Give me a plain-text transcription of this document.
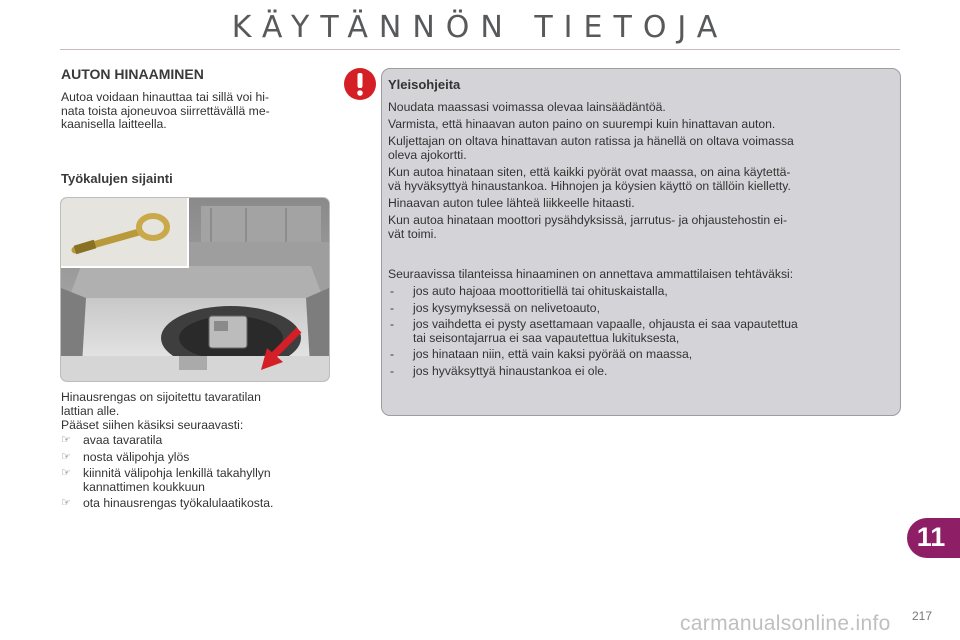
KÄYTÄNNÖN TIETOJA
AUTON HINAAMINEN
Autoa voidaan hinauttaa tai sillä voi hi-
nata toista ajoneuvoa siirrettävällä me-
kaanisella laitteella.
Työkalujen sijainti
Hinausrengas on sijoitettu tavaratilan
lattian alle.
Pääset siihen käsiksi seuraavasti:
☞ avaa tavaratila
☞ nosta välipohja ylös
☞ kiinnitä välipohja lenkillä takahyllyn
kannattimen koukkuun
☞ ota hinausrengas työkalulaatikosta.
Yleisohjeita
Noudata maassasi voimassa olevaa lainsäädäntöä.
Varmista, että hinaavan auton paino on suurempi kuin hinattavan auton.
Kuljettajan on oltava hinattavan auton ratissa ja hänellä on oltava voimassa
oleva ajokortti.
Kun autoa hinataan siten, että kaikki pyörät ovat maassa, on aina käytettä-
vä hyväksyttyä hinaustankoa. Hihnojen ja köysien käyttö on tällöin kielletty.
Hinaavan auton tulee lähteä liikkeelle hitaasti.
Kun autoa hinataan moottori pysähdyksissä, jarrutus- ja ohjaustehostin ei-
vät toimi.
Seuraavissa tilanteissa hinaaminen on annettava ammattilaisen tehtäväksi:
- jos auto hajoaa moottoritiellä tai ohituskaistalla,
- jos kysymyksessä on nelivetoauto,
- jos vaihdetta ei pysty asettamaan vapaalle, ohjausta ei saa vapautettua
tai seisontajarrua ei saa vapautettua lukituksesta,
- jos hinataan niin, että vain kaksi pyörää on maassa,
- jos hyväksyttyä hinaustankoa ei ole.
11
carmanualsonline.info 217
